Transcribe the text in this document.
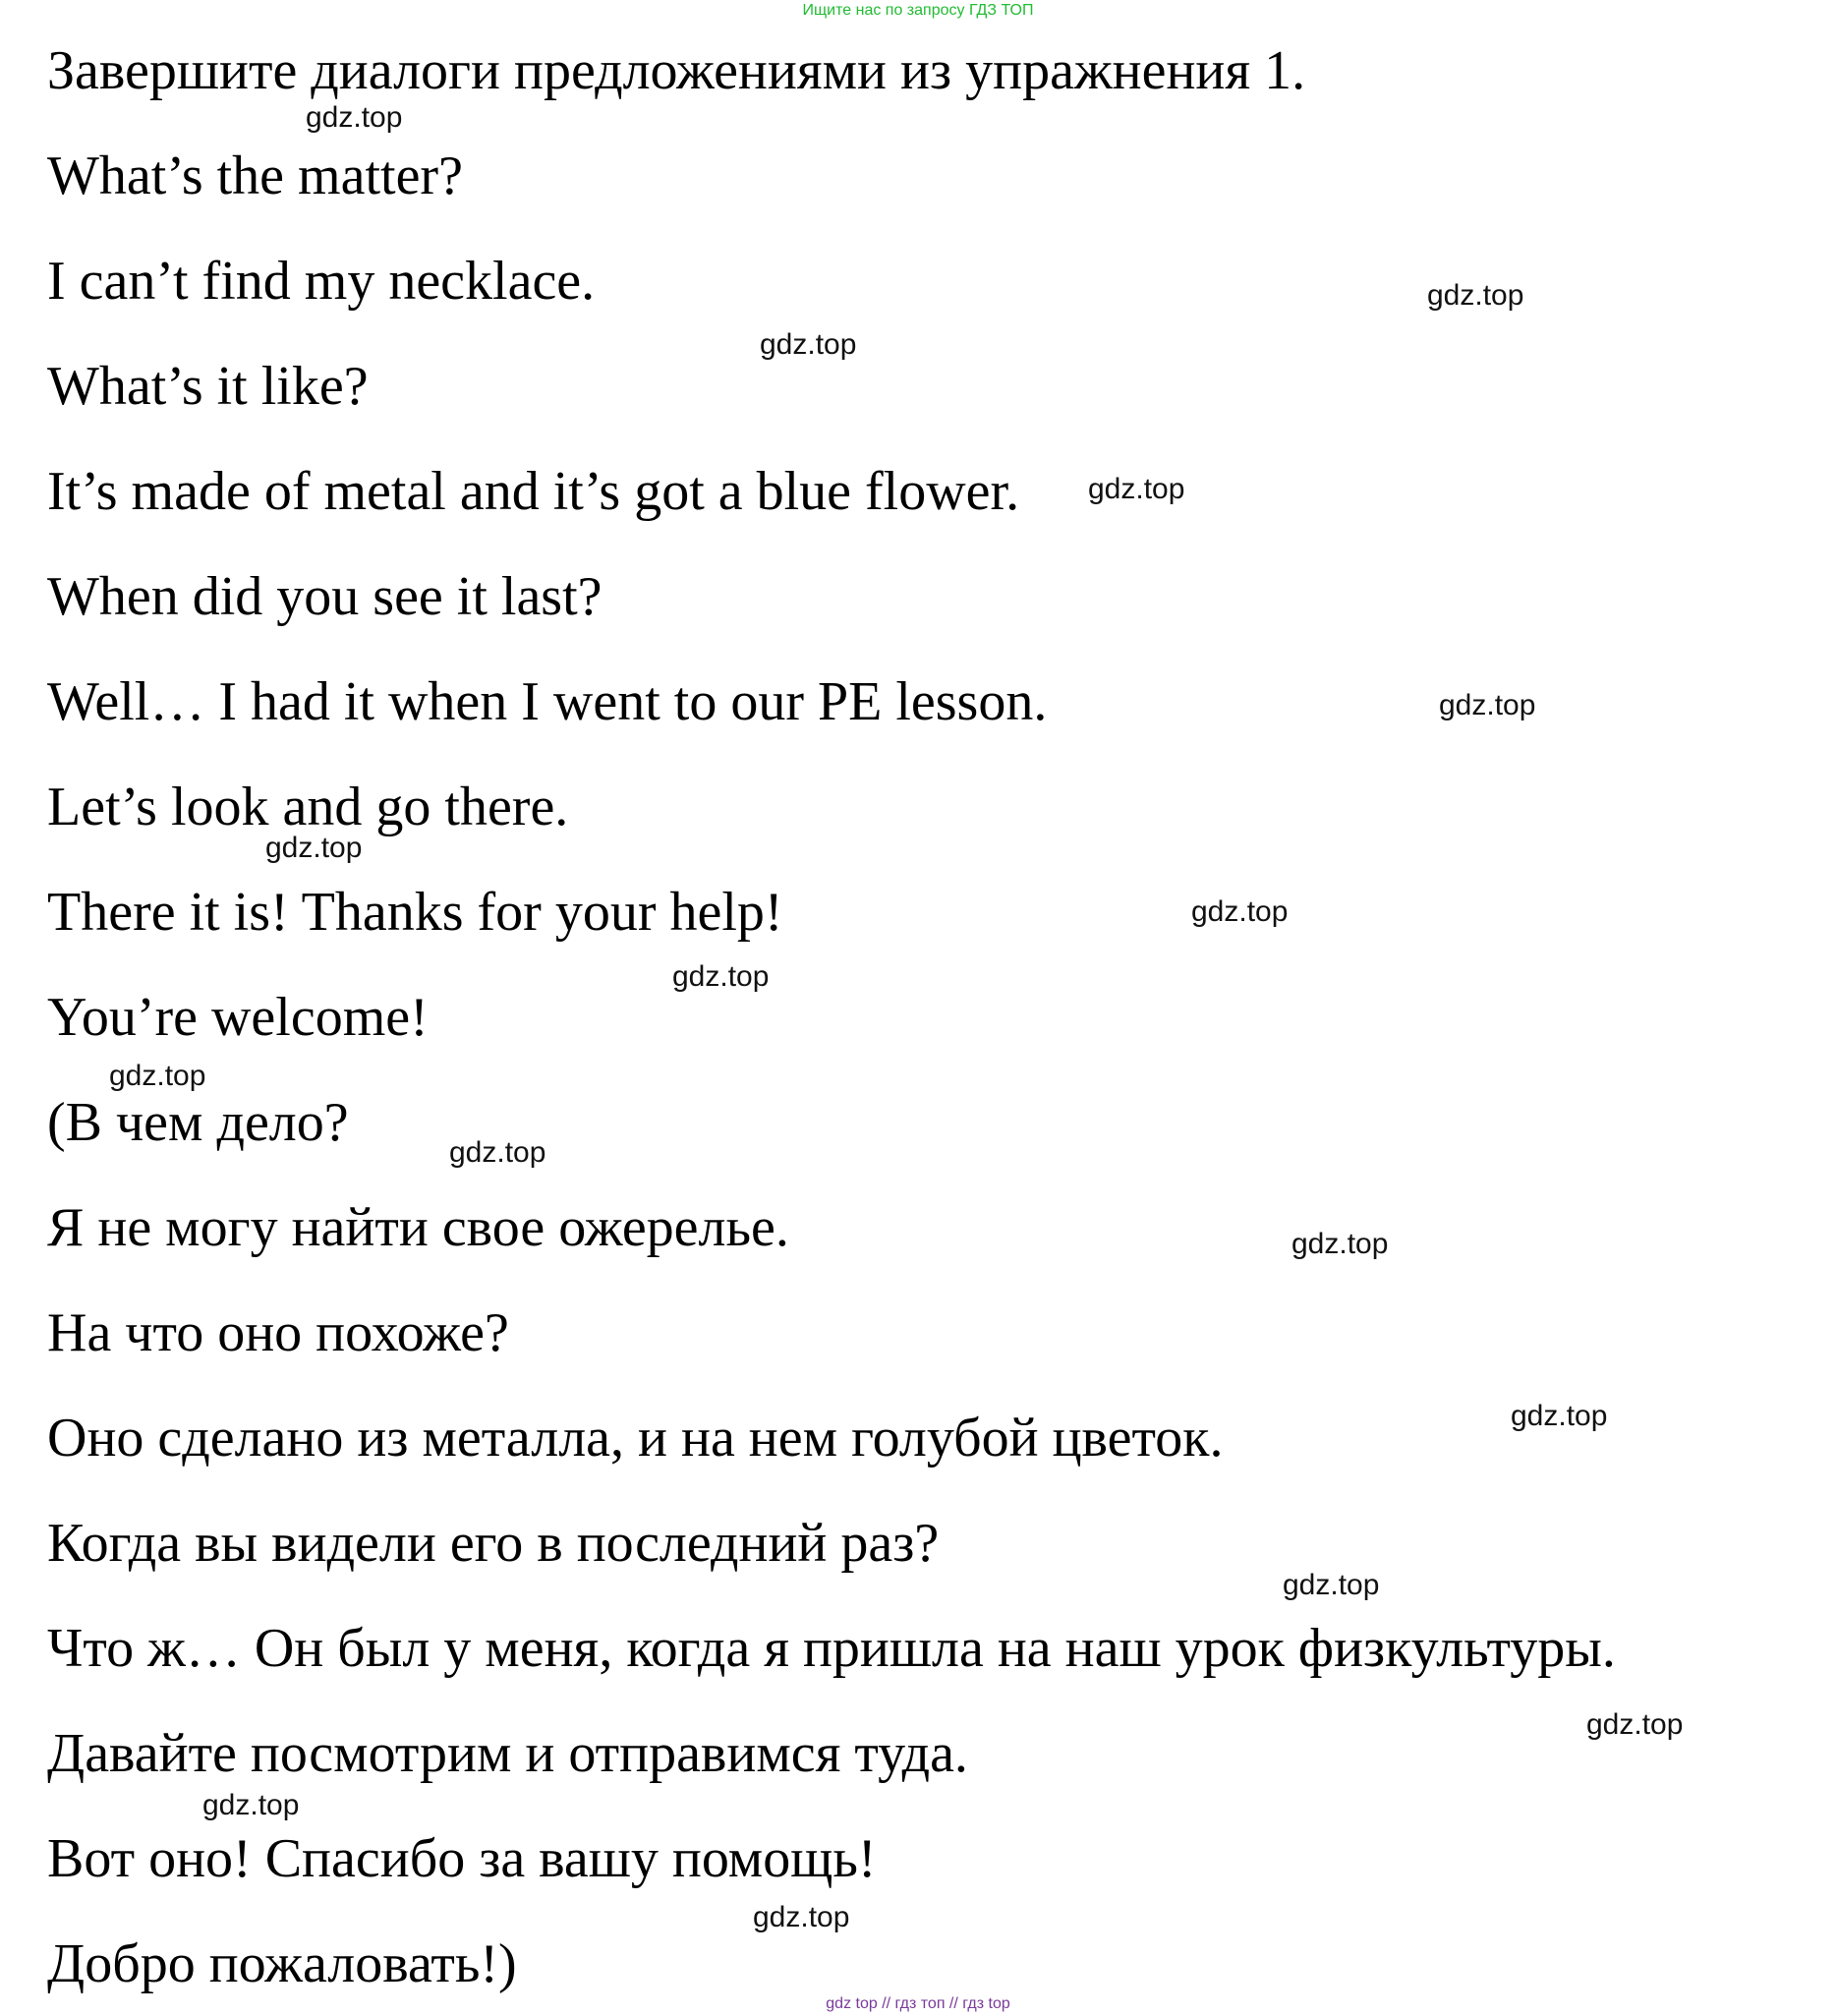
Ищите нас по запросу ГДЗ ТОП
Завершите диалоги предложениями из упражнения 1.
What’s the matter?
I can’t find my necklace.
What’s it like?
It’s made of metal and it’s got a blue flower.
When did you see it last?
Well… I had it when I went to our PE lesson.
Let’s look and go there.
There it is! Thanks for your help!
You’re welcome!
(В чем дело?
Я не могу найти свое ожерелье.
На что оно похоже?
Оно сделано из металла, и на нем голубой цветок.
Когда вы видели его в последний раз?
Что ж… Он был у меня, когда я пришла на наш урок физкультуры.
Давайте посмотрим и отправимся туда.
Вот оно! Спасибо за вашу помощь!
Добро пожаловать!)
gdz.top
gdz.top
gdz.top
gdz.top
gdz.top
gdz.top
gdz.top
gdz.top
gdz.top
gdz.top
gdz.top
gdz.top
gdz.top
gdz.top
gdz.top
gdz.top
gdz top // гдз топ // гдз top
